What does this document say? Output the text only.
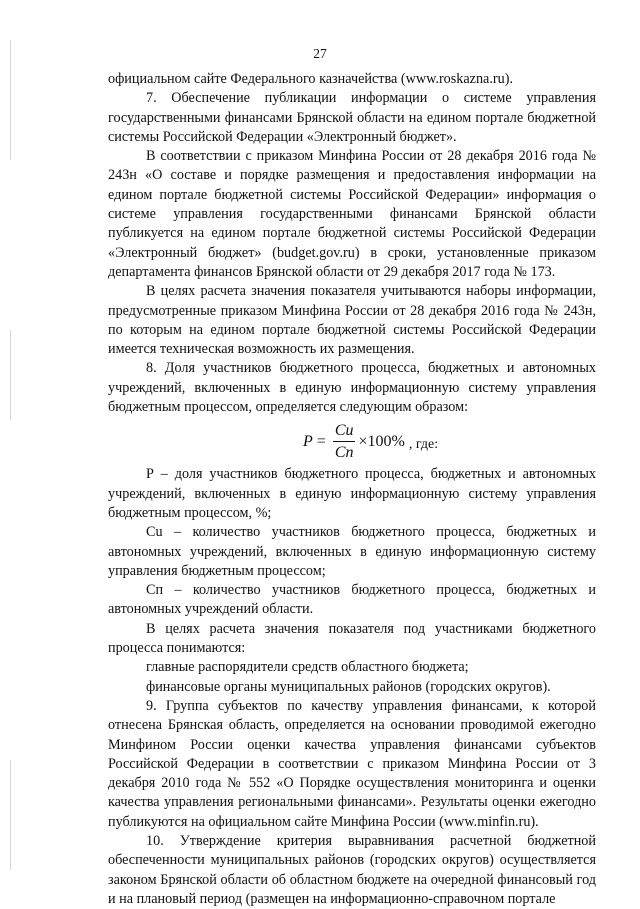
27

официальном сайте Федерального казначейства (www.roskazna.ru).

7. Обеспечение публикации информации о системе управления государственными финансами Брянской области на едином портале бюджетной системы Российской Федерации «Электронный бюджет».

В соответствии с приказом Минфина России от 28 декабря 2016 года № 243н «О составе и порядке размещения и предоставления информации на едином портале бюджетной системы Российской Федерации» информация о системе управления государственными финансами Брянской области публикуется на едином портале бюджетной системы Российской Федерации «Электронный бюджет» (budget.gov.ru) в сроки, установленные приказом департамента финансов Брянской области от 29 декабря 2017 года № 173.

В целях расчета значения показателя учитываются наборы информации, предусмотренные приказом Минфина России от 28 декабря 2016 года № 243н, по которым на едином портале бюджетной системы Российской Федерации имеется техническая возможность их размещения.

8. Доля участников бюджетного процесса, бюджетных и автономных учреждений, включенных в единую информационную систему управления бюджетным процессом, определяется следующим образом:

$P = \frac{Cu}{Cn} \times 100\%$ , где:

Р – доля участников бюджетного процесса, бюджетных и автономных учреждений, включенных в единую информационную систему управления бюджетным процессом, %;

Cu – количество участников бюджетного процесса, бюджетных и автономных учреждений, включенных в единую информационную систему управления бюджетным процессом;

Cп – количество участников бюджетного процесса, бюджетных и автономных учреждений области.

В целях расчета значения показателя под участниками бюджетного процесса понимаются:

главные распорядители средств областного бюджета;

финансовые органы муниципальных районов (городских округов).

9. Группа субъектов по качеству управления финансами, к которой отнесена Брянская область, определяется на основании проводимой ежегодно Минфином России оценки качества управления финансами субъектов Российской Федерации в соответствии с приказом Минфина России от 3 декабря 2010 года № 552 «О Порядке осуществления мониторинга и оценки качества управления региональными финансами». Результаты оценки ежегодно публикуются на официальном сайте Минфина России (www.minfin.ru).

10. Утверждение критерия выравнивания расчетной бюджетной обеспеченности муниципальных районов (городских округов) осуществляется законом Брянской области об областном бюджете на очередной финансовый год и на плановый период (размещен на информационно-справочном портале
